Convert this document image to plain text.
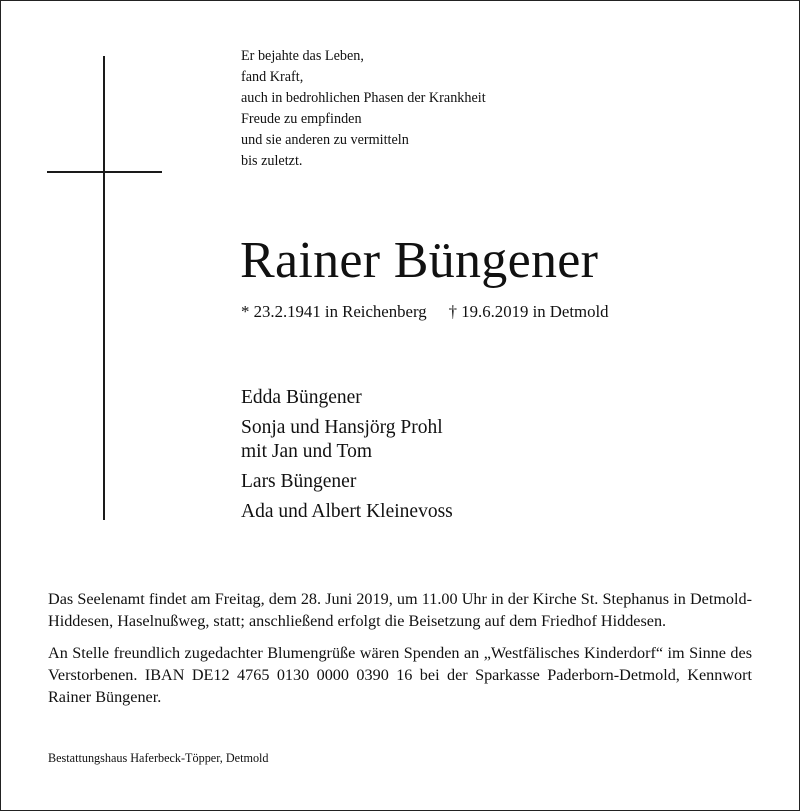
Er bejahte das Leben,
fand Kraft,
auch in bedrohlichen Phasen der Krankheit
Freude zu empfinden
und sie anderen zu vermitteln
bis zuletzt.
Rainer Büngener
* 23.2.1941 in Reichenberg † 19.6.2019 in Detmold
Edda Büngener
Sonja und Hansjörg Prohl
mit Jan und Tom
Lars Büngener
Ada und Albert Kleinevoss

Das Seelenamt findet am Freitag, dem 28. Juni 2019, um 11.00 Uhr in der Kirche St. Stephanus in Detmold-Hiddesen, Haselnußweg, statt; anschließend erfolgt die Beisetzung auf dem Friedhof Hiddesen.

An Stelle freundlich zugedachter Blumengrüße wären Spenden an „Westfälisches Kinderdorf“ im Sinne des Verstorbenen. IBAN DE12 4765 0130 0000 0390 16 bei der Sparkasse Paderborn-Detmold, Kennwort Rainer Büngener.

Bestattungshaus Haferbeck-Töpper, Detmold
